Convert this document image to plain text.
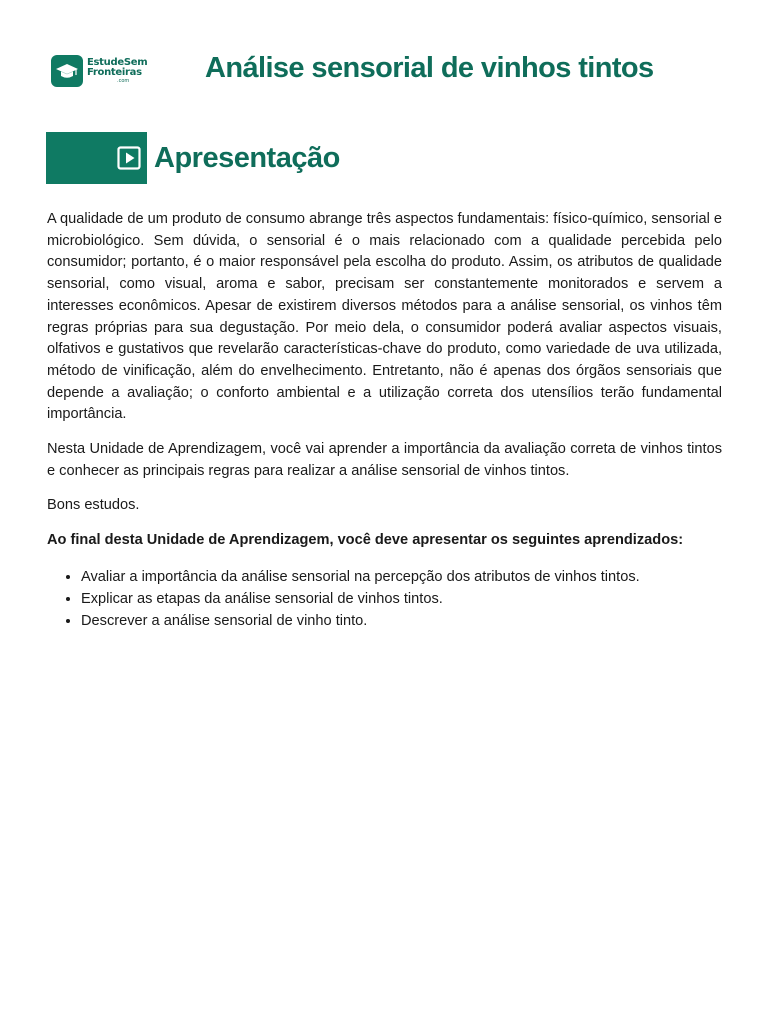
EstudeSem
Fronteiras
.com	Análise sensorial de vinhos tintos
Apresentação

A qualidade de um produto de consumo abrange três aspectos fundamentais: físico-químico, sensorial e microbiológico. Sem dúvida, o sensorial é o mais relacionado com a qualidade percebida pelo consumidor; portanto, é o maior responsável pela escolha do produto. Assim, os atributos de qualidade sensorial, como visual, aroma e sabor, precisam ser constantemente monitorados e servem a interesses econômicos. Apesar de existirem diversos métodos para a análise sensorial, os vinhos têm regras próprias para sua degustação. Por meio dela, o consumidor poderá avaliar aspectos visuais, olfativos e gustativos que revelarão características-chave do produto, como variedade de uva utilizada, método de vinificação, além do envelhecimento. Entretanto, não é apenas dos órgãos sensoriais que depende a avaliação; o conforto ambiental e a utilização correta dos utensílios terão fundamental importância.

Nesta Unidade de Aprendizagem, você vai aprender a importância da avaliação correta de vinhos tintos e conhecer as principais regras para realizar a análise sensorial de vinhos tintos.

Bons estudos.

Ao final desta Unidade de Aprendizagem, você deve apresentar os seguintes aprendizados:

• Avaliar a importância da análise sensorial na percepção dos atributos de vinhos tintos.
• Explicar as etapas da análise sensorial de vinhos tintos.
• Descrever a análise sensorial de vinho tinto.
